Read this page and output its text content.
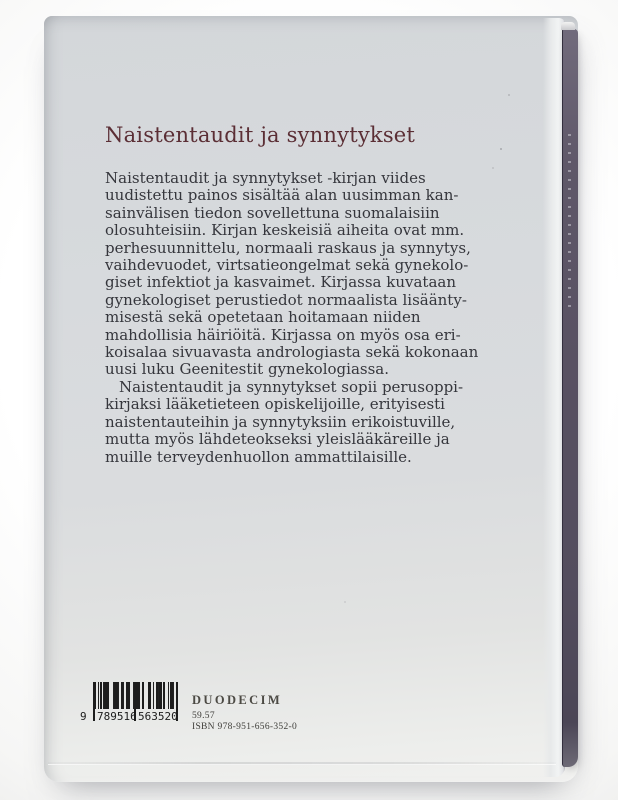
Naistentaudit ja synnytykset
Naistentaudit ja synnytykset -kirjan viides
uudistettu painos sisältää alan uusimman kan-
sainvälisen tiedon sovellettuna suomalaisiin
olosuhteisiin. Kirjan keskeisiä aiheita ovat mm.
perhesuunnittelu, normaali raskaus ja synnytys,
vaihdevuodet, virtsatieongelmat sekä gynekolo-
giset infektiot ja kasvaimet. Kirjassa kuvataan
gynekologiset perustiedot normaalista lisäänty-
misestä sekä opetetaan hoitamaan niiden
mahdollisia häiriöitä. Kirjassa on myös osa eri-
koisalaa sivuavasta andrologiasta sekä kokonaan
uusi luku Geenitestit gynekologiassa.
Naistentaudit ja synnytykset sopii perusoppi-
kirjaksi lääketieteen opiskelijoille, erityisesti
naistentauteihin ja synnytyksiin erikoistuville,
mutta myös lähdeteokseksi yleislääkäreille ja
muille terveydenhuollon ammattilaisille.
9 789516 563520
DUODECIM
59.57
ISBN 978-951-656-352-0
